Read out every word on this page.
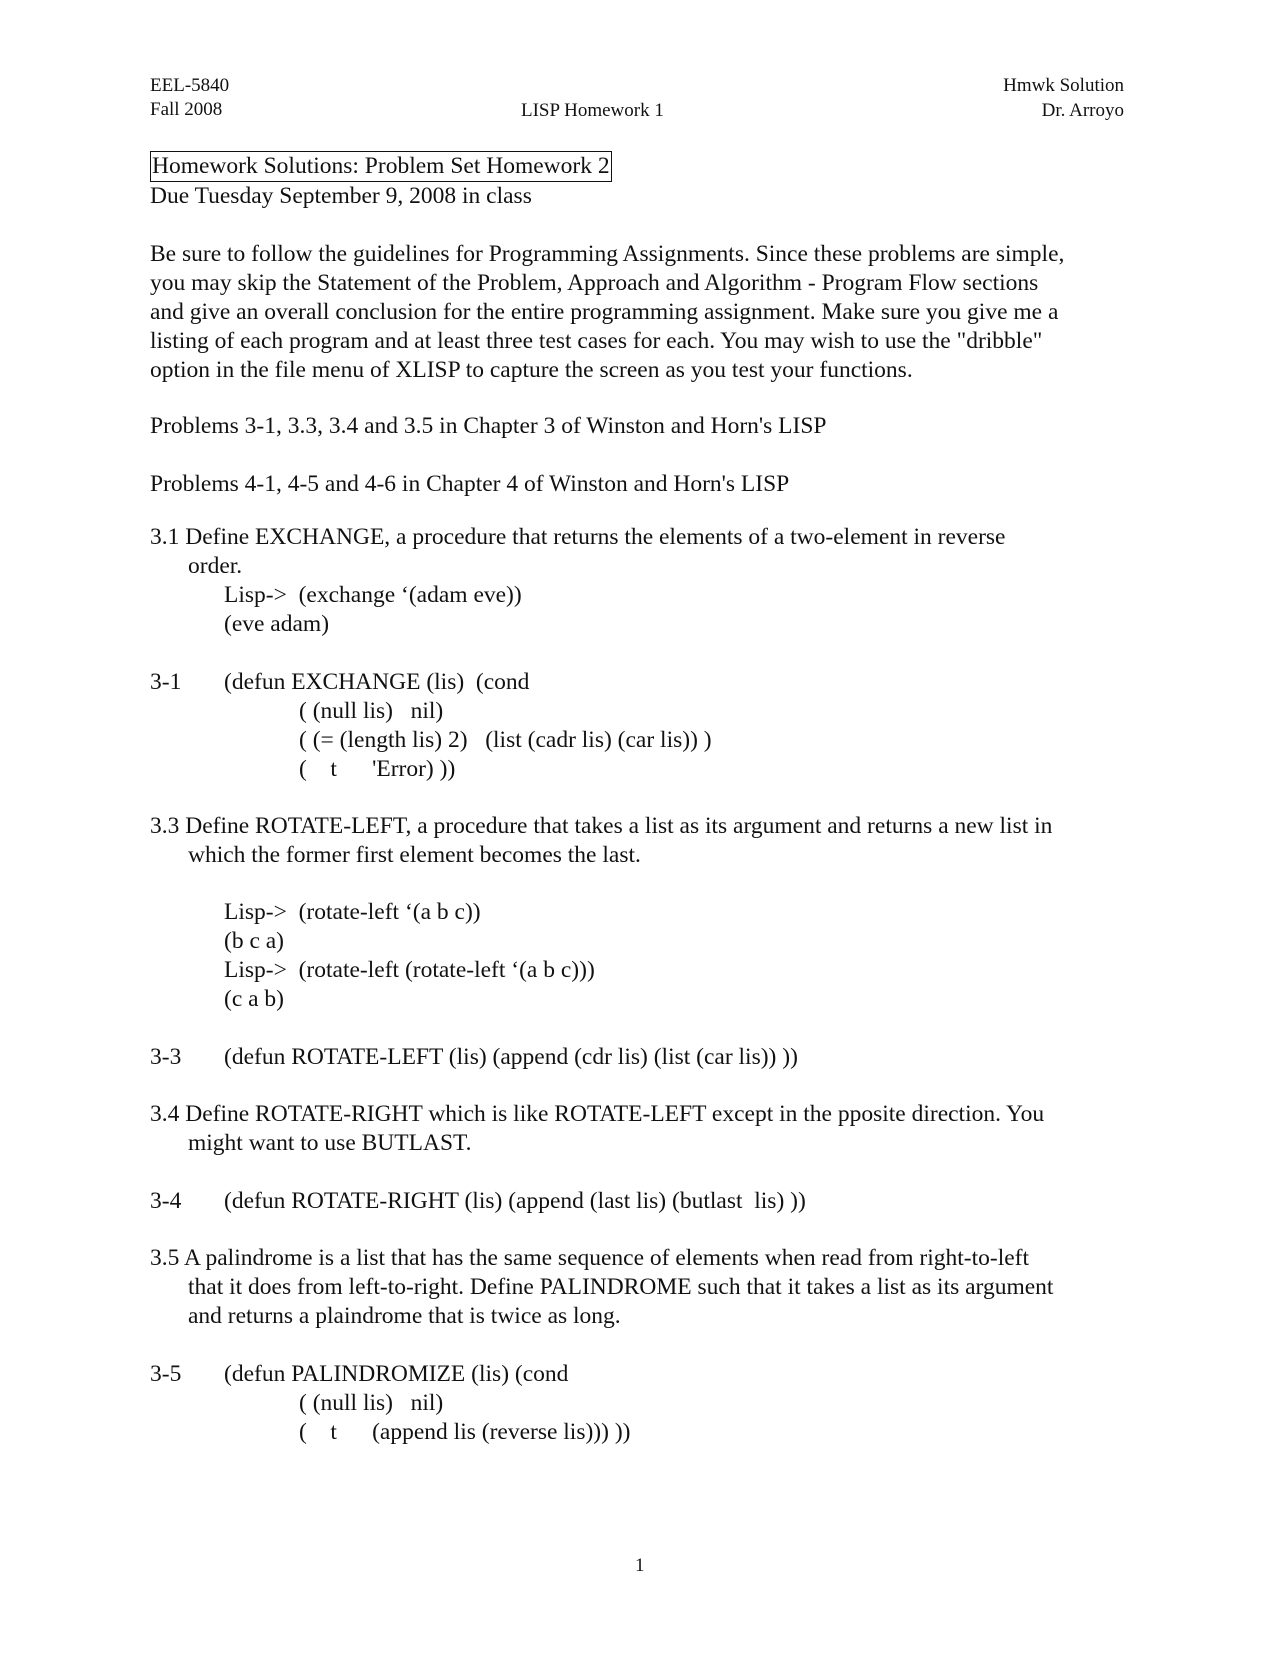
EEL-5840
Fall 2008	LISP Homework 1
Hmwk Solution
Dr. Arroyo
Homework Solutions: Problem Set Homework 2
Due Tuesday September 9, 2008 in class
Be sure to follow the guidelines for Programming Assignments. Since these problems are simple,
you may skip the Statement of the Problem, Approach and Algorithm - Program Flow sections
and give an overall conclusion for the entire programming assignment. Make sure you give me a
listing of each program and at least three test cases for each. You may wish to use the "dribble"
option in the file menu of XLISP to capture the screen as you test your functions.
Problems 3-1, 3.3, 3.4 and 3.5 in Chapter 3 of Winston and Horn's LISP
Problems 4-1, 4-5 and 4-6 in Chapter 4 of Winston and Horn's LISP
3.1 Define EXCHANGE, a procedure that returns the elements of a two-element in reverse
order.
Lisp->  (exchange ‘(adam eve))
(eve adam)
3-1 (defun EXCHANGE (lis)  (cond
( (null lis)   nil)
( (= (length lis) 2)   (list (cadr lis) (car lis)) )
(    t      'Error) ))
3.3 Define ROTATE-LEFT, a procedure that takes a list as its argument and returns a new list in
which the former first element becomes the last.
Lisp->  (rotate-left ‘(a b c))
(b c a)
Lisp->  (rotate-left (rotate-left ‘(a b c)))
(c a b)
3-3 (defun ROTATE-LEFT (lis) (append (cdr lis) (list (car lis)) ))
3.4 Define ROTATE-RIGHT which is like ROTATE-LEFT except in the pposite direction. You
might want to use BUTLAST.
3-4 (defun ROTATE-RIGHT (lis) (append (last lis) (butlast  lis) ))
3.5 A palindrome is a list that has the same sequence of elements when read from right-to-left
that it does from left-to-right. Define PALINDROME such that it takes a list as its argument
and returns a plaindrome that is twice as long.
3-5 (defun PALINDROMIZE (lis) (cond
( (null lis)   nil)
(    t      (append lis (reverse lis))) ))
1
